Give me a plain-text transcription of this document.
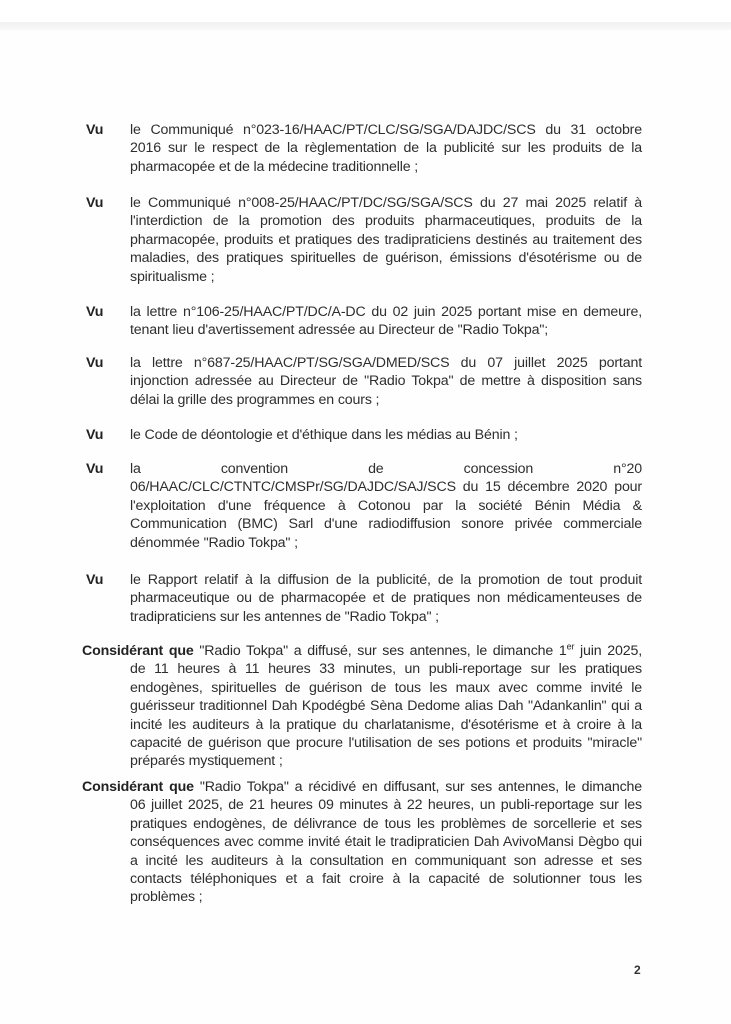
Vu le Communiqué n°023-16/HAAC/PT/CLC/SG/SGA/DAJDC/SCS du 31 octobre 2016 sur le respect de la règlementation de la publicité sur les produits de la pharmacopée et de la médecine traditionnelle ;
Vu le Communiqué n°008-25/HAAC/PT/DC/SG/SGA/SCS du 27 mai 2025 relatif à l'interdiction de la promotion des produits pharmaceutiques, produits de la pharmacopée, produits et pratiques des tradipraticiens destinés au traitement des maladies, des pratiques spirituelles de guérison, émissions d'ésotérisme ou de spiritualisme ;
Vu la lettre n°106-25/HAAC/PT/DC/A-DC du 02 juin 2025 portant mise en demeure, tenant lieu d'avertissement adressée au Directeur de "Radio Tokpa";
Vu la lettre n°687-25/HAAC/PT/SG/SGA/DMED/SCS du 07 juillet 2025 portant injonction adressée au Directeur de "Radio Tokpa" de mettre à disposition sans délai la grille des programmes en cours ;
Vu le Code de déontologie et d'éthique dans les médias au Bénin ;
Vu la	convention	de	concession	n°20
06/HAAC/CLC/CTNTC/CMSPr/SG/DAJDC/SAJ/SCS du 15 décembre 2020 pour l'exploitation d'une fréquence à Cotonou par la société Bénin Média & Communication (BMC) Sarl d'une radiodiffusion sonore privée commerciale dénommée "Radio Tokpa" ;
Vu le Rapport relatif à la diffusion de la publicité, de la promotion de tout produit pharmaceutique ou de pharmacopée et de pratiques non médicamenteuses de tradipraticiens sur les antennes de "Radio Tokpa" ;
Considérant que "Radio Tokpa" a diffusé, sur ses antennes, le dimanche 1er juin 2025,
de 11 heures à 11 heures 33 minutes, un publi-reportage sur les pratiques endogènes, spirituelles de guérison de tous les maux avec comme invité le guérisseur traditionnel Dah Kpodégbé Sèna Dedome alias Dah "Adankanlin" qui a incité les auditeurs à la pratique du charlatanisme, d'ésotérisme et à croire à la capacité de guérison que procure l'utilisation de ses potions et produits "miracle" préparés mystiquement ;
Considérant que "Radio Tokpa" a récidivé en diffusant, sur ses antennes, le dimanche
06 juillet 2025, de 21 heures 09 minutes à 22 heures, un publi-reportage sur les pratiques endogènes, de délivrance de tous les problèmes de sorcellerie et ses conséquences avec comme invité était le tradipraticien Dah AvivoMansi Dègbo qui a incité les auditeurs à la consultation en communiquant son adresse et ses contacts téléphoniques et a fait croire à la capacité de solutionner tous les problèmes ;
2
